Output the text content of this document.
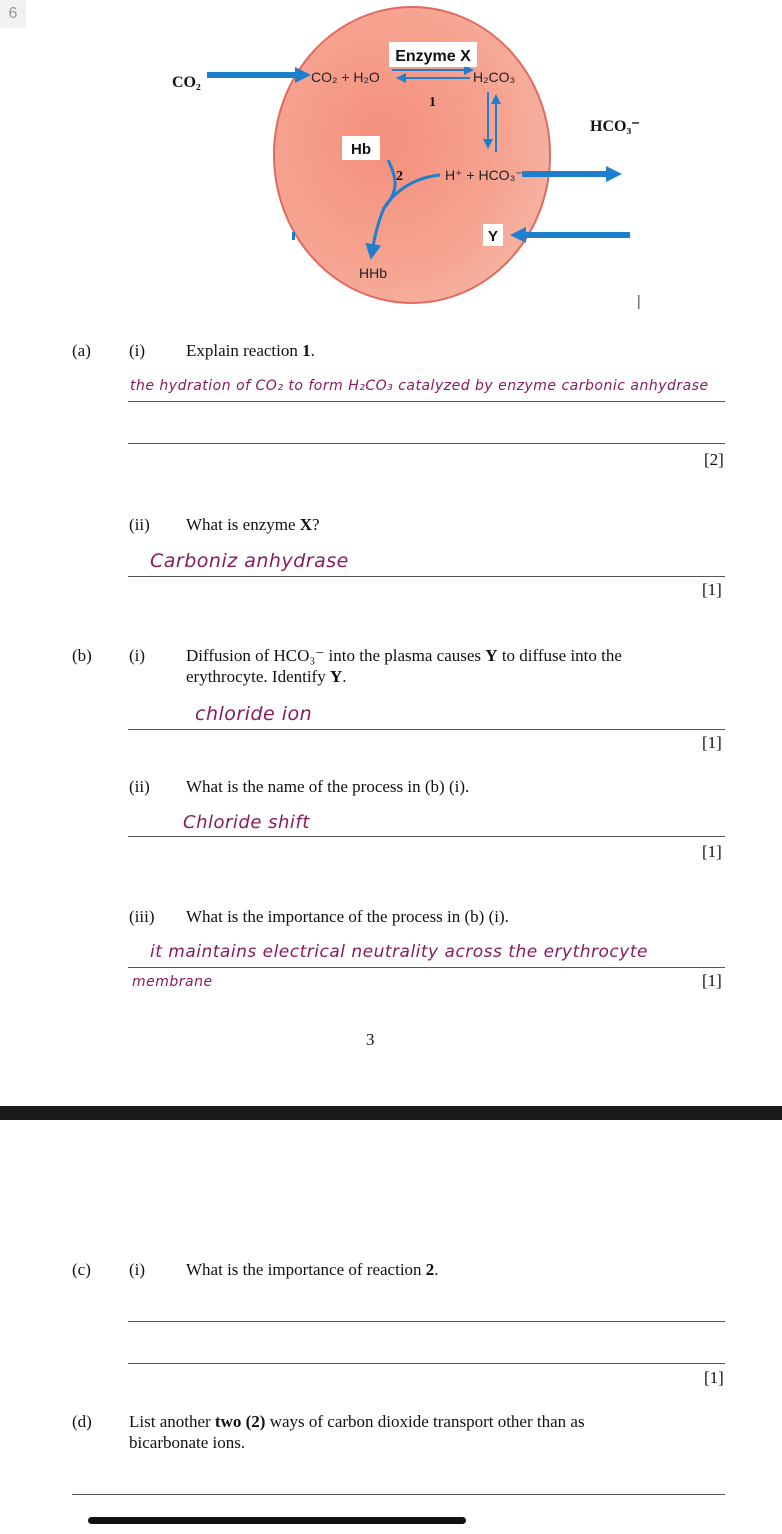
6
Enzyme X
Hb
Y
CO₂	CO₂ + H₂O	H₂CO₃
1
HCO₃⁻
2	H⁺ + HCO₃⁻
HHb
(a) (i) Explain reaction 1.
the hydration of CO₂ to form H₂CO₃ catalyzed by enzyme carbonic anhydrase
[2]
(ii) What is enzyme X?
Carboniz anhydrase
[1]
(b) (i) Diffusion of HCO₃⁻ into the plasma causes Y to diffuse into the
erythrocyte. Identify Y.
chloride ion
[1]
(ii) What is the name of the process in (b) (i).
Chloride shift
[1]
(iii) What is the importance of the process in (b) (i).
it maintains electrical neutrality across the erythrocyte
membrane	[1]
3
(c) (i) What is the importance of reaction 2.
[1]
(d) List another two (2) ways of carbon dioxide transport other than as
bicarbonate ions.
